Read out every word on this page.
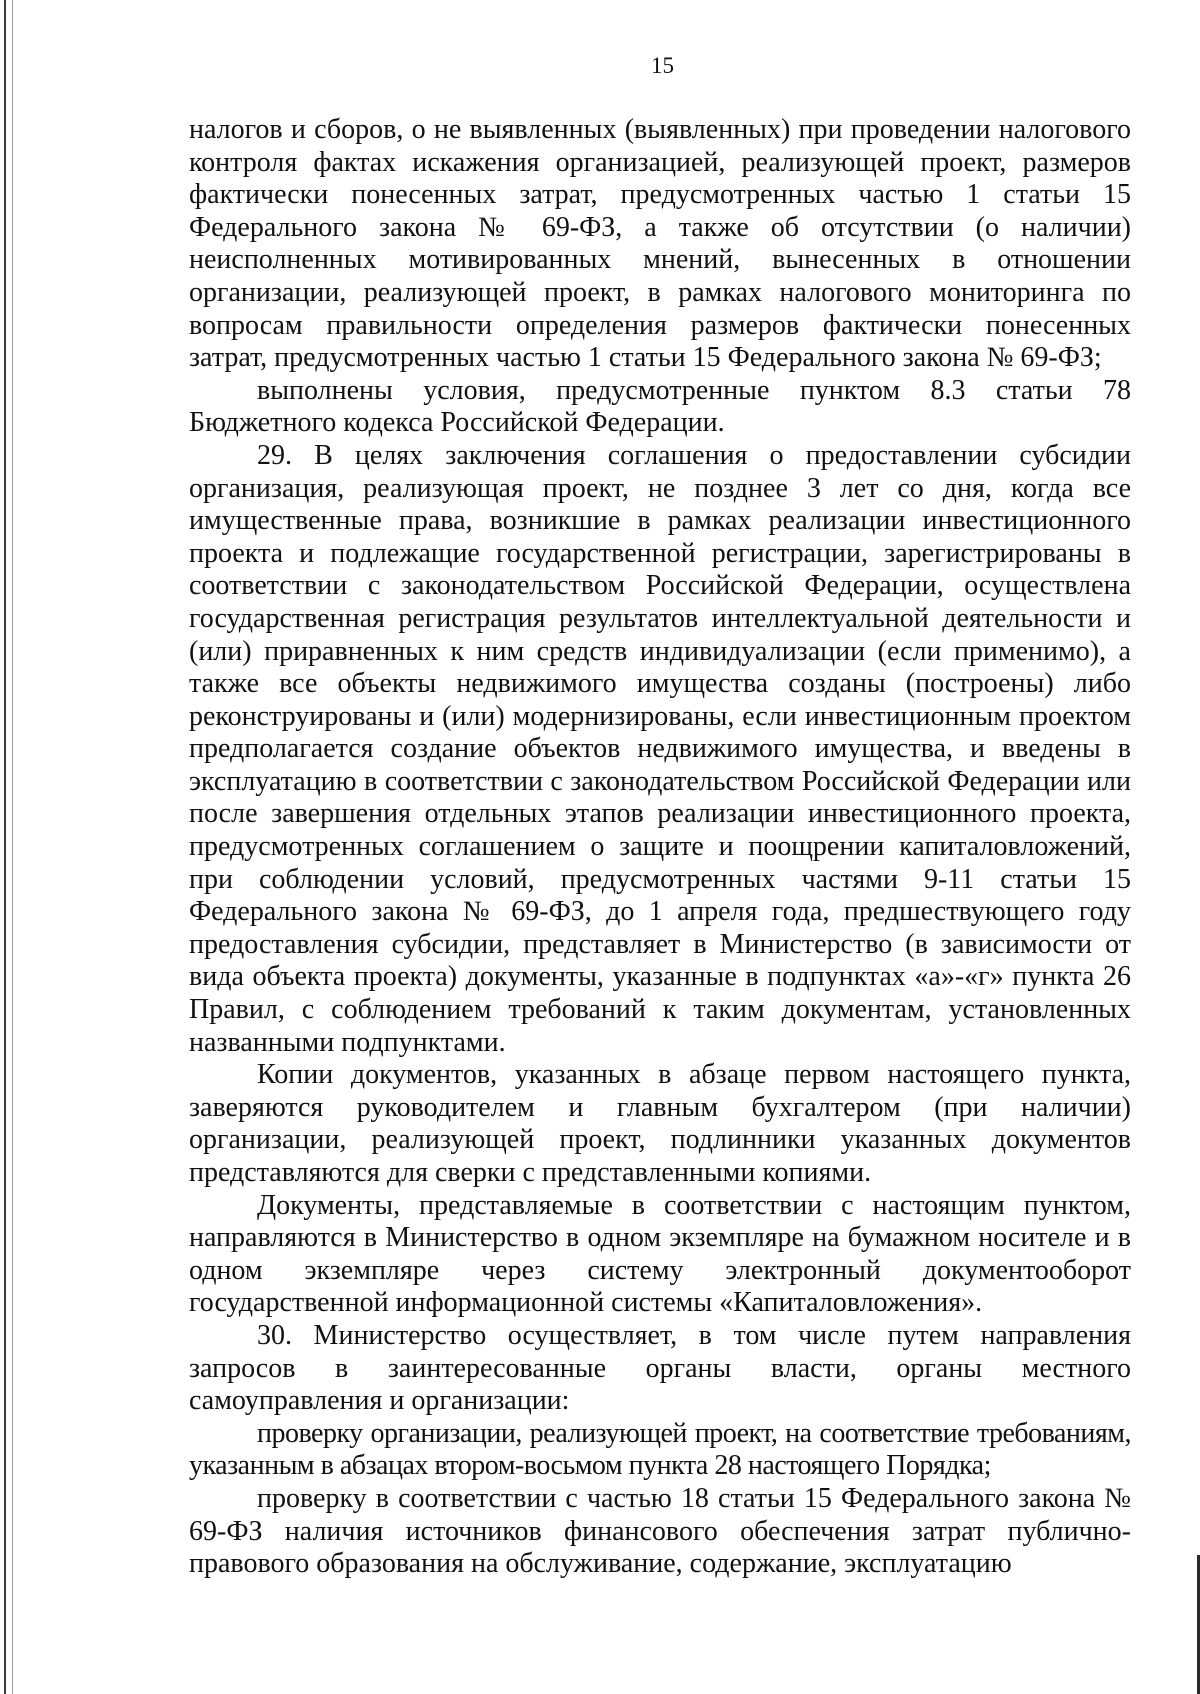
15

налогов и сборов, о не выявленных (выявленных) при проведении налогового контроля фактах искажения организацией, реализующей проект, размеров фактически понесенных затрат, предусмотренных частью 1 статьи 15 Федерального закона № 69-ФЗ, а также об отсутствии (о наличии) неисполненных мотивированных мнений, вынесенных в отношении организации, реализующей проект, в рамках налогового мониторинга по вопросам правильности определения размеров фактически понесенных затрат, предусмотренных частью 1 статьи 15 Федерального закона № 69-ФЗ;

выполнены условия, предусмотренные пунктом 8.3 статьи 78 Бюджетного кодекса Российской Федерации.

29. В целях заключения соглашения о предоставлении субсидии организация, реализующая проект, не позднее 3 лет со дня, когда все имущественные права, возникшие в рамках реализации инвестиционного проекта и подлежащие государственной регистрации, зарегистрированы в соответствии с законодательством Российской Федерации, осуществлена государственная регистрация результатов интеллектуальной деятельности и (или) приравненных к ним средств индивидуализации (если применимо), а также все объекты недвижимого имущества созданы (построены) либо реконструированы и (или) модернизированы, если инвестиционным проектом предполагается создание объектов недвижимого имущества, и введены в эксплуатацию в соответствии с законодательством Российской Федерации или после завершения отдельных этапов реализации инвестиционного проекта, предусмотренных соглашением о защите и поощрении капиталовложений, при соблюдении условий, предусмотренных частями 9-11 статьи 15 Федерального закона № 69-ФЗ, до 1 апреля года, предшествующего году предоставления субсидии, представляет в Министерство (в зависимости от вида объекта проекта) документы, указанные в подпунктах «а»-«г» пункта 26 Правил, с соблюдением требований к таким документам, установленных названными подпунктами.

Копии документов, указанных в абзаце первом настоящего пункта, заверяются руководителем и главным бухгалтером (при наличии) организации, реализующей проект, подлинники указанных документов представляются для сверки с представленными копиями.

Документы, представляемые в соответствии с настоящим пунктом, направляются в Министерство в одном экземпляре на бумажном носителе и в одном экземпляре через систему электронный документооборот государственной информационной системы «Капиталовложения».

30. Министерство осуществляет, в том числе путем направления запросов в заинтересованные органы власти, органы местного самоуправления и организации:

проверку организации, реализующей проект, на соответствие требованиям, указанным в абзацах втором-восьмом пункта 28 настоящего Порядка;

проверку в соответствии с частью 18 статьи 15 Федерального закона № 69-ФЗ наличия источников финансового обеспечения затрат публично-правового образования на обслуживание, содержание, эксплуатацию
